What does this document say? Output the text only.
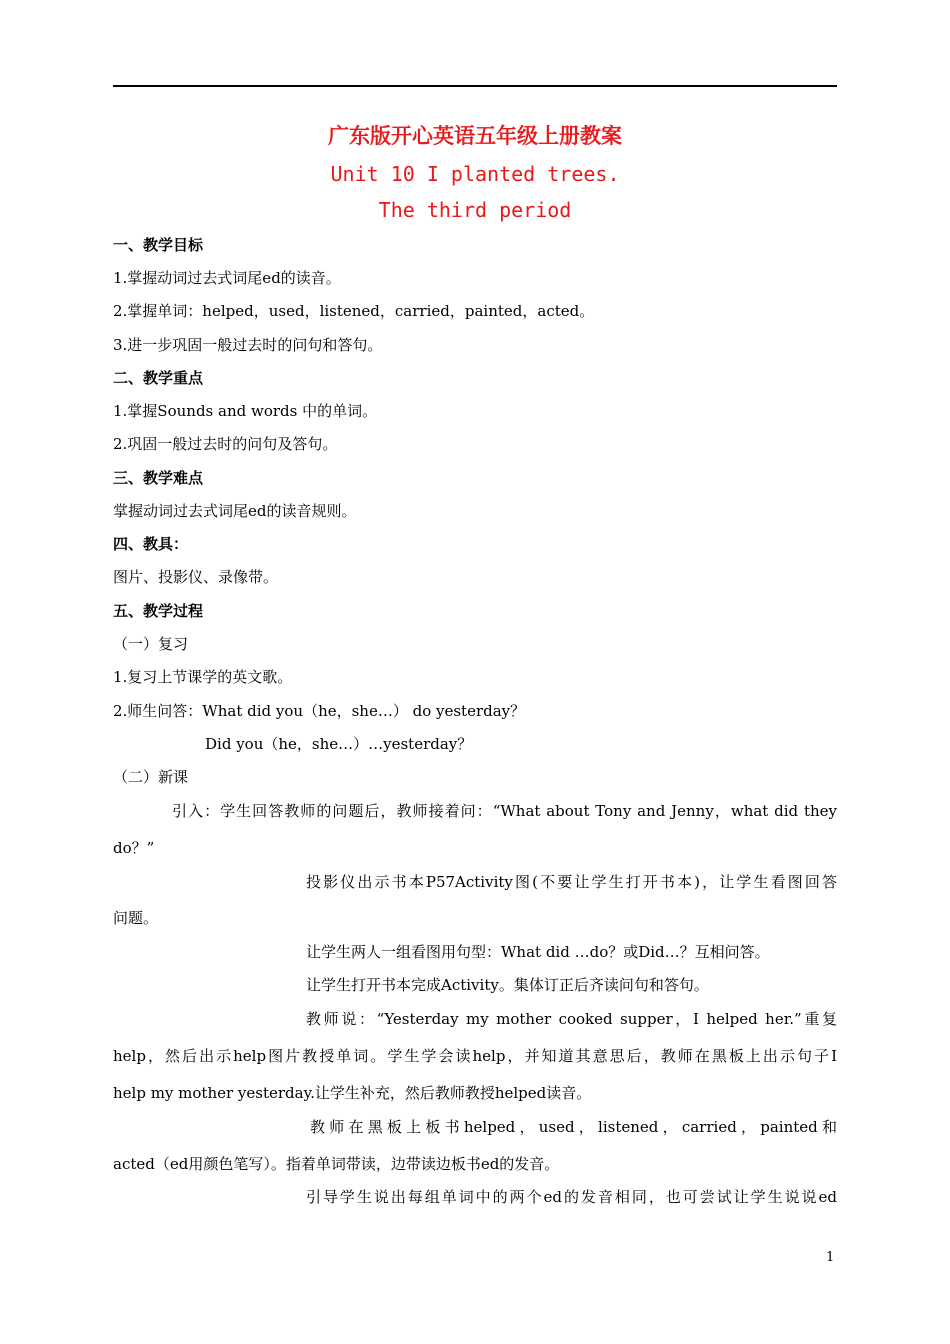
广东版开心英语五年级上册教案
Unit 10 I planted trees.
The third period
一、教学目标
1.掌握动词过去式词尾ed的读音。
2.掌握单词：helped，used，listened，carried，painted，acted。
3.进一步巩固一般过去时的问句和答句。
二、教学重点
1.掌握Sounds and words 中的单词。
2.巩固一般过去时的问句及答句。
三、教学难点
掌握动词过去式词尾ed的读音规则。
四、教具：
图片、投影仪、录像带。
五、教学过程
（一）复习
1.复习上节课学的英文歌。
2.师生问答：What did you（he，she…） do yesterday？
Did you（he，she…）…yesterday？
（二）新课
引入：学生回答教师的问题后，教师接着问：“What about Tony and Jenny，what did they
do？”
投影仪出示书本P57Activity图(不要让学生打开书本)，让学生看图回答
问题。
让学生两人一组看图用句型：What did …do？或Did…？互相问答。
让学生打开书本完成Activity。集体订正后齐读问句和答句。
教师说：“Yesterday my mother cooked supper，I helped her.”重复
help，然后出示help图片教授单词。学生学会读help，并知道其意思后，教师在黑板上出示句子I
help my mother yesterday.让学生补充，然后教师教授helped读音。
教师在黑板上板书helped，used，listened，carried，painted和
acted（ed用颜色笔写）。指着单词带读，边带读边板书ed的发音。
引导学生说出每组单词中的两个ed的发音相同，也可尝试让学生说说ed
1
